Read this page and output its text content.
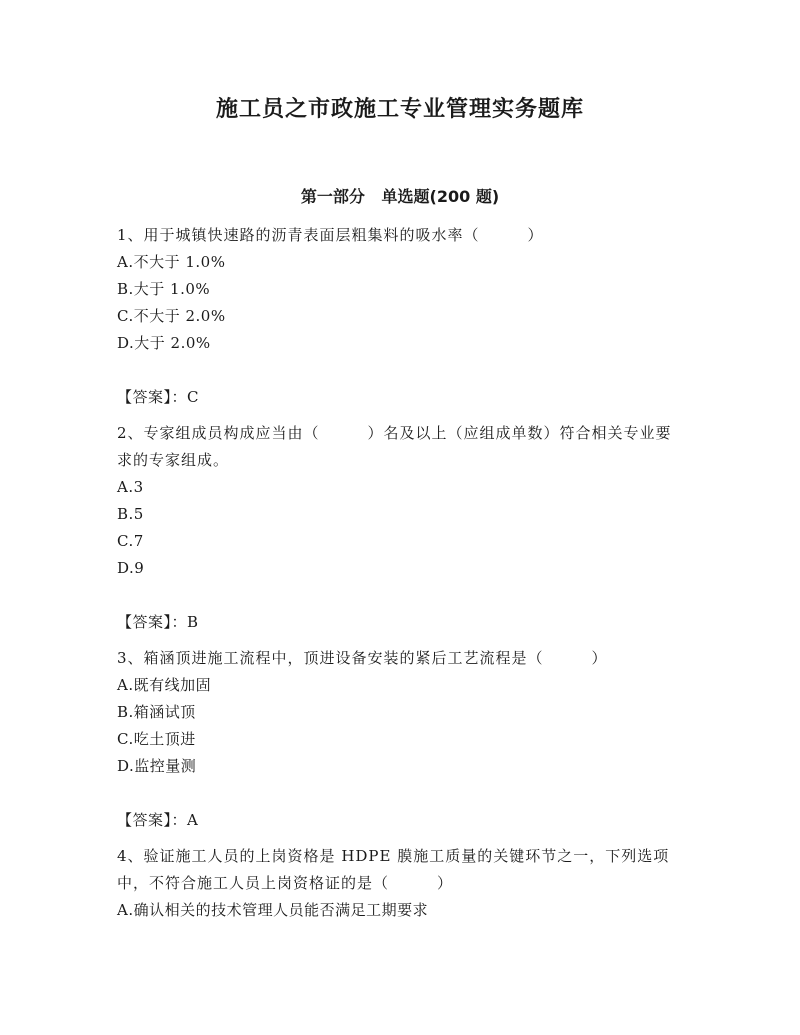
施工员之市政施工专业管理实务题库
第一部分   单选题(200 题)

1、用于城镇快速路的沥青表面层粗集料的吸水率（　　　）

A.不大于 1.0%

B.大于 1.0%

C.不大于 2.0%

D.大于 2.0%

【答案】：C

2、专家组成员构成应当由（　　　）名及以上（应组成单数）符合相关专业要求的专家组成。

A.3

B.5

C.7

D.9

【答案】：B

3、箱涵顶进施工流程中，顶进设备安装的紧后工艺流程是（　　　）

A.既有线加固

B.箱涵试顶

C.吃土顶进

D.监控量测

【答案】：A

4、验证施工人员的上岗资格是 HDPE 膜施工质量的关键环节之一，下列选项中，不符合施工人员上岗资格证的是（　　　）

A.确认相关的技术管理人员能否满足工期要求
